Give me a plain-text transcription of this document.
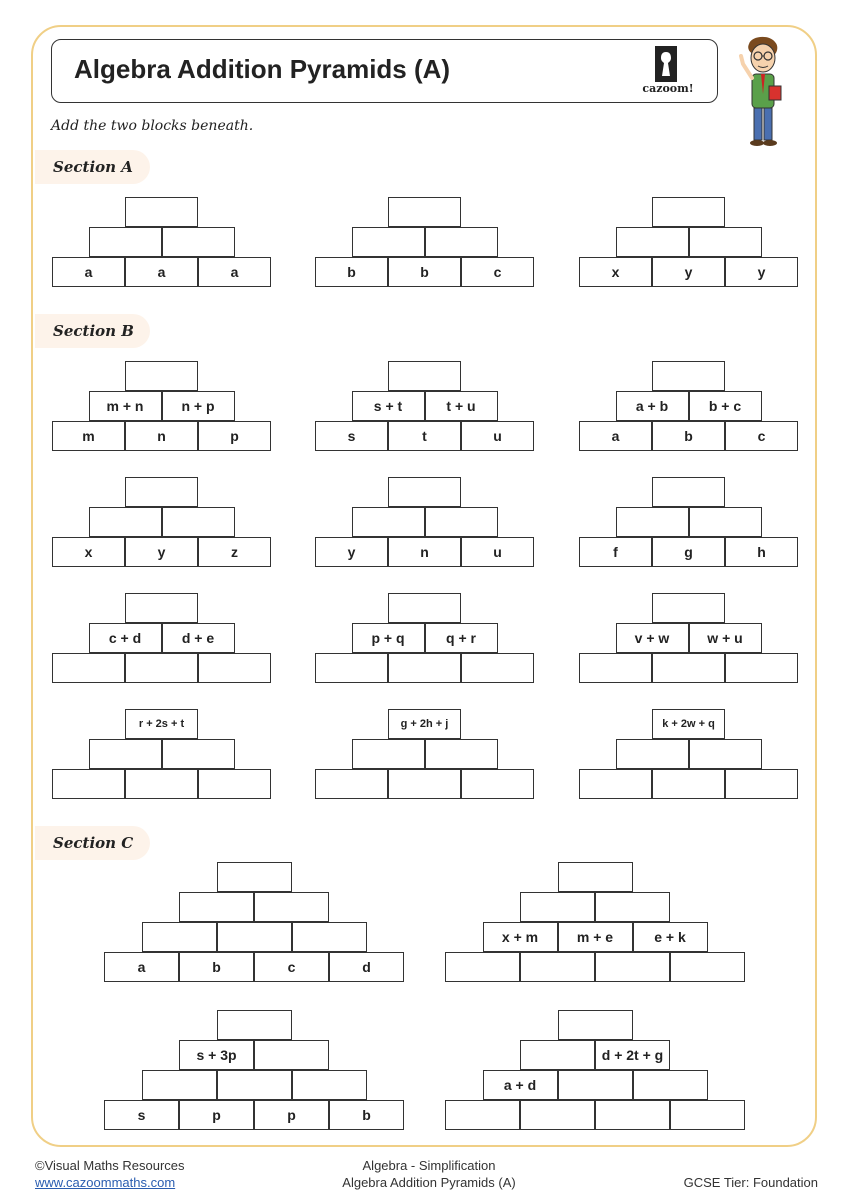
Algebra Addition Pyramids (A)
cazoom!
Add the two blocks beneath.
Section A
Section B
Section C
a	a	a	b	b	c	x	y	y
m	n	p
m + n	n + p
s	t	u
s + t	t + u
a	b	c
a + b	b + c
x	y	z	y	n	u	f	g	h
c + d	d + e	p + q	q + r	v + w	w + u
r + 2s + t	g + 2h + j	k + 2w + q
a	b	c	d
x + m	m + e	e + k
s	p	p	b
s + 3p
a + d
d + 2t + g
©Visual Maths Resources
www.cazoommaths.com
Algebra - Simplification
Algebra Addition Pyramids (A)	GCSE Tier: Foundation
